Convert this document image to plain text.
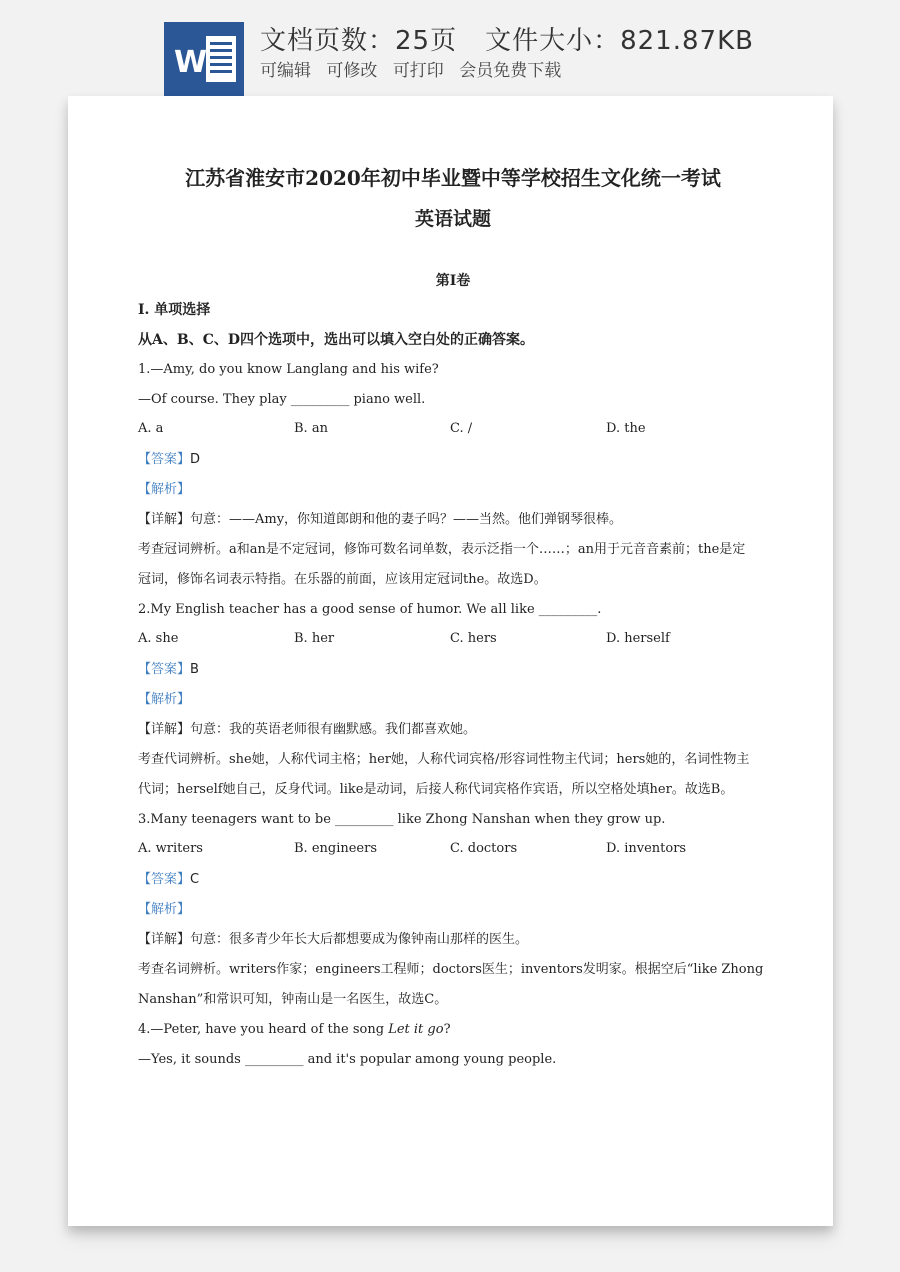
W
文档页数：25页 文件大小：821.87KB
可编辑 可修改 可打印 会员免费下载
江苏省淮安市2020年初中毕业暨中等学校招生文化统一考试
英语试题
第I卷
I. 单项选择
从A、B、C、D四个选项中，选出可以填入空白处的正确答案。
1.—Amy, do you know Langlang and his wife?
—Of course. They play _________ piano well.
A. a	B. an	C. /	D. the
【答案】D
【解析】
【详解】句意：——Amy，你知道郎朗和他的妻子吗？——当然。他们弹钢琴很棒。
考查冠词辨析。a和an是不定冠词，修饰可数名词单数，表示泛指一个……；an用于元音音素前；the是定
冠词，修饰名词表示特指。在乐器的前面，应该用定冠词the。故选D。
2.My English teacher has a good sense of humor. We all like _________.
A. she	B. her	C. hers	D. herself
【答案】B
【解析】
【详解】句意：我的英语老师很有幽默感。我们都喜欢她。
考查代词辨析。she她，人称代词主格；her她，人称代词宾格/形容词性物主代词；hers她的，名词性物主
代词；herself她自己，反身代词。like是动词，后接人称代词宾格作宾语，所以空格处填her。故选B。
3.Many teenagers want to be _________ like Zhong Nanshan when they grow up.
A. writers	B. engineers	C. doctors	D. inventors
【答案】C
【解析】
【详解】句意：很多青少年长大后都想要成为像钟南山那样的医生。
考查名词辨析。writers作家；engineers工程师；doctors医生；inventors发明家。根据空后“like Zhong
Nanshan”和常识可知，钟南山是一名医生，故选C。
4.—Peter, have you heard of the song Let it go?
—Yes, it sounds _________ and it's popular among young people.
